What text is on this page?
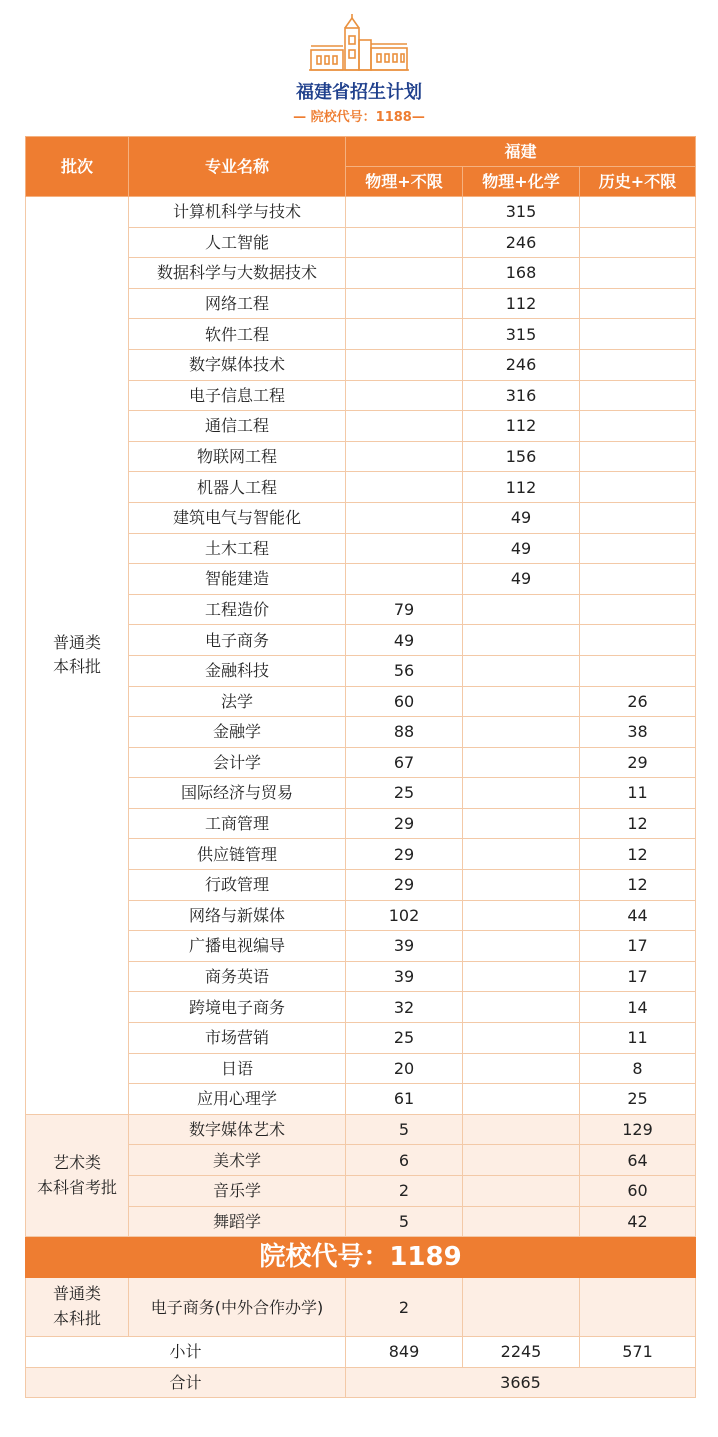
福建省招生计划
— 院校代号：1188—
批次	专业名称	福建		
		物理+不限	物理+化学	历史+不限

普通类
本科批	计算机科学与技术		315	
	人工智能		246	
	数据科学与大数据技术		168	
	网络工程		112	
	软件工程		315	
	数字媒体技术		246	
	电子信息工程		316	
	通信工程		112	
	物联网工程		156	
	机器人工程		112	
	建筑电气与智能化		49	
	土木工程		49	
	智能建造		49	
	工程造价	79		
	电子商务	49		
	金融科技	56		
	法学	60		26
	金融学	88		38
	会计学	67		29
	国际经济与贸易	25		11
	工商管理	29		12
	供应链管理	29		12
	行政管理	29		12
	网络与新媒体	102		44
	广播电视编导	39		17
	商务英语	39		17
	跨境电子商务	32		14
	市场营销	25		11
	日语	20		8
	应用心理学	61		25

艺术类
本科省考批	数字媒体艺术	5		129
	美术学	6		64
	音乐学	2		60
	舞蹈学	5		42
院校代号：1189				

普通类
本科批	电子商务(中外合作办学)	2		
小计		849	2245	571
合计		3665		
